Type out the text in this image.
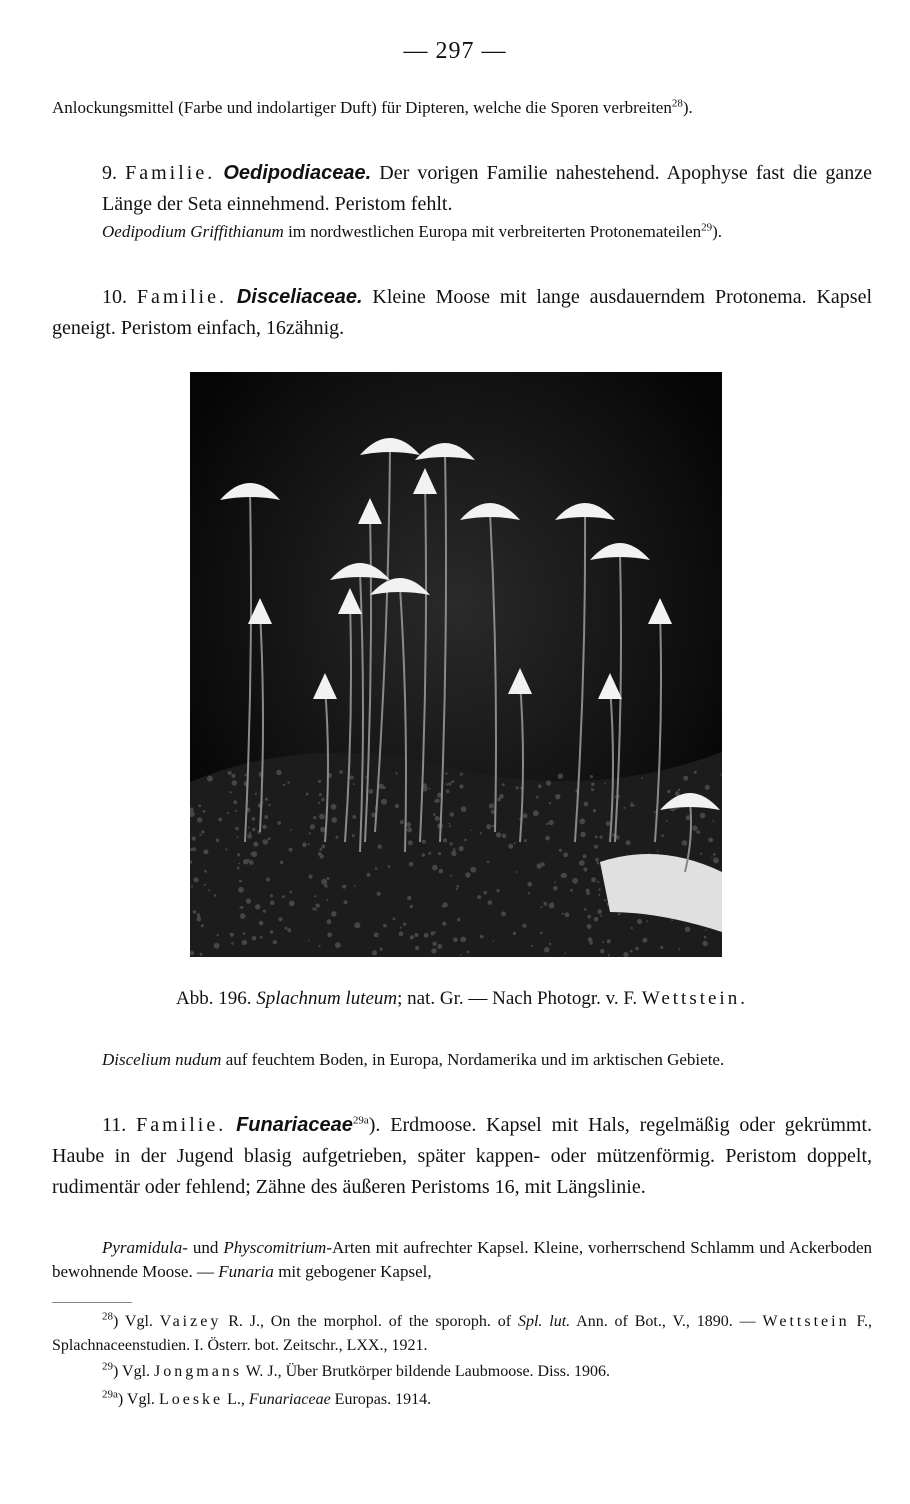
— 297 —
Anlockungsmittel (Farbe und indolartiger Duft) für Dipteren, welche die Sporen verbreiten$^{28}$).
9. Familie. Oedipodiaceae. Der vorigen Familie nahestehend. Apophyse fast die ganze Länge der Seta einnehmend. Peristom fehlt.
Oedipodium Griffithianum im nordwestlichen Europa mit verbreiterten Protonemateilen$^{29}$).
10. Familie. Disceliaceae. Kleine Moose mit lange ausdauerndem Protonema. Kapsel geneigt. Peristom einfach, 16zähnig.
Abb. 196. Splachnum luteum; nat. Gr. — Nach Photogr. v. F. Wettstein.
Discelium nudum auf feuchtem Boden, in Europa, Nordamerika und im arktischen Gebiete.
11. Familie. Funariaceae$^{29a}$). Erdmoose. Kapsel mit Hals, regelmäßig oder gekrümmt. Haube in der Jugend blasig aufgetrieben, später kappen- oder mützenförmig. Peristom doppelt, rudimentär oder fehlend; Zähne des äußeren Peristoms 16, mit Längslinie.
Pyramidula- und Physcomitrium-Arten mit aufrechter Kapsel. Kleine, vorherrschend Schlamm und Ackerboden bewohnende Moose. — Funaria mit gebogener Kapsel,
$^{28}$) Vgl. Vaizey R. J., On the morphol. of the sporoph. of Spl. lut. Ann. of Bot., V., 1890. — Wettstein F., Splachnaceenstudien. I. Österr. bot. Zeitschr., LXX., 1921.
$^{29}$) Vgl. Jongmans W. J., Über Brutkörper bildende Laubmoose. Diss. 1906.
$^{29a}$) Vgl. Loeske L., Funariaceae Europas. 1914.
